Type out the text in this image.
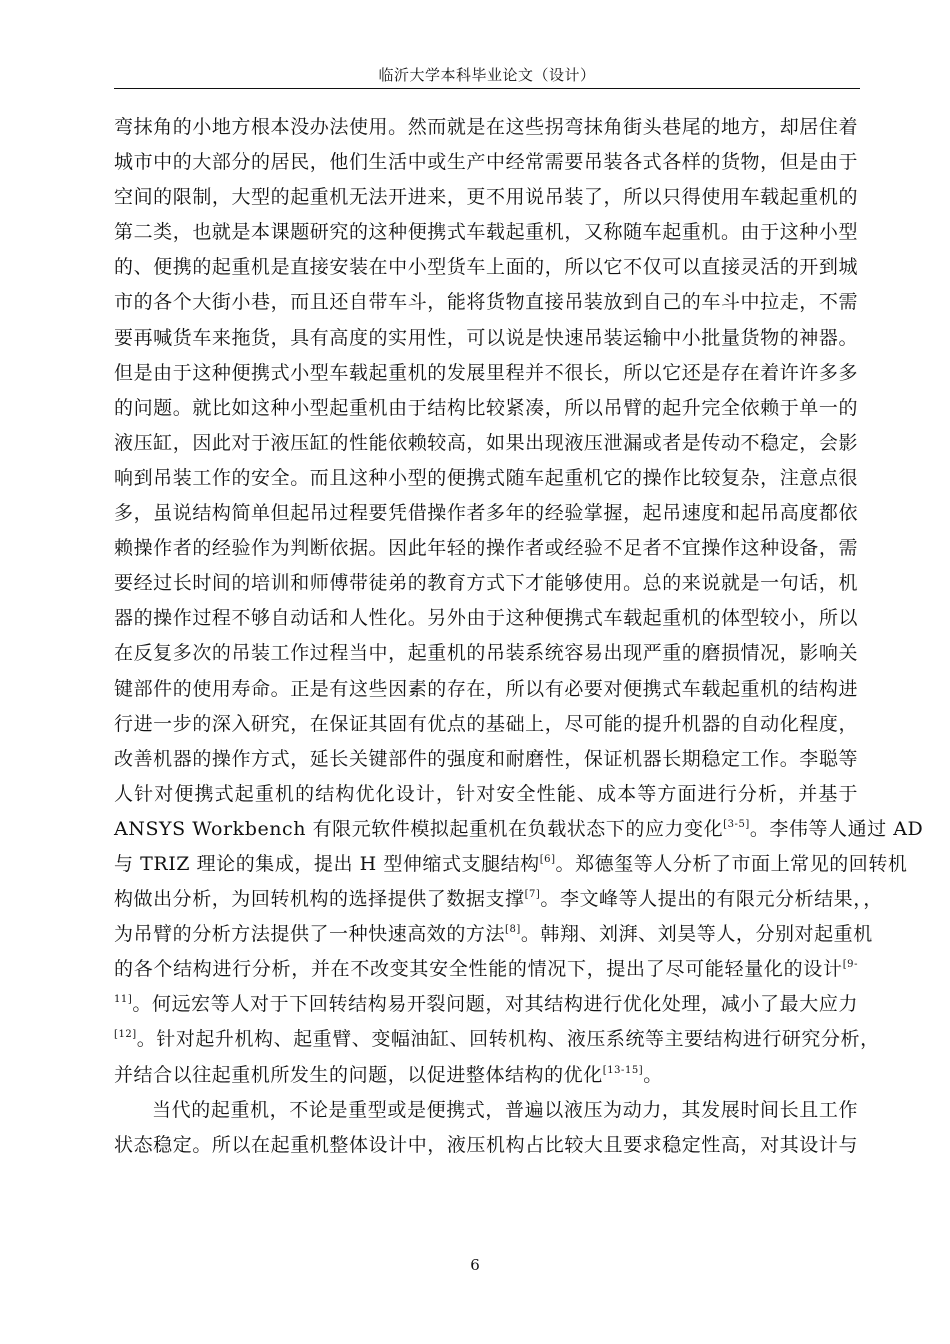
临沂大学本科毕业论文（设计）
弯抹角的小地方根本没办法使用。然而就是在这些拐弯抹角街头巷尾的地方，却居住着
城市中的大部分的居民，他们生活中或生产中经常需要吊装各式各样的货物，但是由于
空间的限制，大型的起重机无法开进来，更不用说吊装了，所以只得使用车载起重机的
第二类，也就是本课题研究的这种便携式车载起重机，又称随车起重机。由于这种小型
的、便携的起重机是直接安装在中小型货车上面的，所以它不仅可以直接灵活的开到城
市的各个大街小巷，而且还自带车斗，能将货物直接吊装放到自己的车斗中拉走，不需
要再喊货车来拖货，具有高度的实用性，可以说是快速吊装运输中小批量货物的神器。
但是由于这种便携式小型车载起重机的发展里程并不很长，所以它还是存在着许许多多
的问题。就比如这种小型起重机由于结构比较紧凑，所以吊臂的起升完全依赖于单一的
液压缸，因此对于液压缸的性能依赖较高，如果出现液压泄漏或者是传动不稳定，会影
响到吊装工作的安全。而且这种小型的便携式随车起重机它的操作比较复杂，注意点很
多，虽说结构简单但起吊过程要凭借操作者多年的经验掌握，起吊速度和起吊高度都依
赖操作者的经验作为判断依据。因此年轻的操作者或经验不足者不宜操作这种设备，需
要经过长时间的培训和师傅带徒弟的教育方式下才能够使用。总的来说就是一句话，机
器的操作过程不够自动话和人性化。另外由于这种便携式车载起重机的体型较小，所以
在反复多次的吊装工作过程当中，起重机的吊装系统容易出现严重的磨损情况，影响关
键部件的使用寿命。正是有这些因素的存在，所以有必要对便携式车载起重机的结构进
行进一步的深入研究，在保证其固有优点的基础上，尽可能的提升机器的自动化程度，
改善机器的操作方式，延长关键部件的强度和耐磨性，保证机器长期稳定工作。李聪等
人针对便携式起重机的结构优化设计，针对安全性能、成本等方面进行分析，并基于
ANSYS Workbench 有限元软件模拟起重机在负载状态下的应力变化[3-5]。李伟等人通过 AD
与 TRIZ 理论的集成，提出 H 型伸缩式支腿结构[6]。郑德玺等人分析了市面上常见的回转机
构做出分析，为回转机构的选择提供了数据支撑[7]。李文峰等人提出的有限元分析结果，，
为吊臂的分析方法提供了一种快速高效的方法[8]。韩翔、刘湃、刘昊等人，分别对起重机
的各个结构进行分析，并在不改变其安全性能的情况下，提出了尽可能轻量化的设计$^{[9-}$
$^{11]}$。何远宏等人对于下回转结构易开裂问题，对其结构进行优化处理，减小了最大应力
[12]。针对起升机构、起重臂、变幅油缸、回转机构、液压系统等主要结构进行研究分析，
并结合以往起重机所发生的问题，以促进整体结构的优化[13-15]。
当代的起重机，不论是重型或是便携式，普遍以液压为动力，其发展时间长且工作
状态稳定。所以在起重机整体设计中，液压机构占比较大且要求稳定性高，对其设计与
6
